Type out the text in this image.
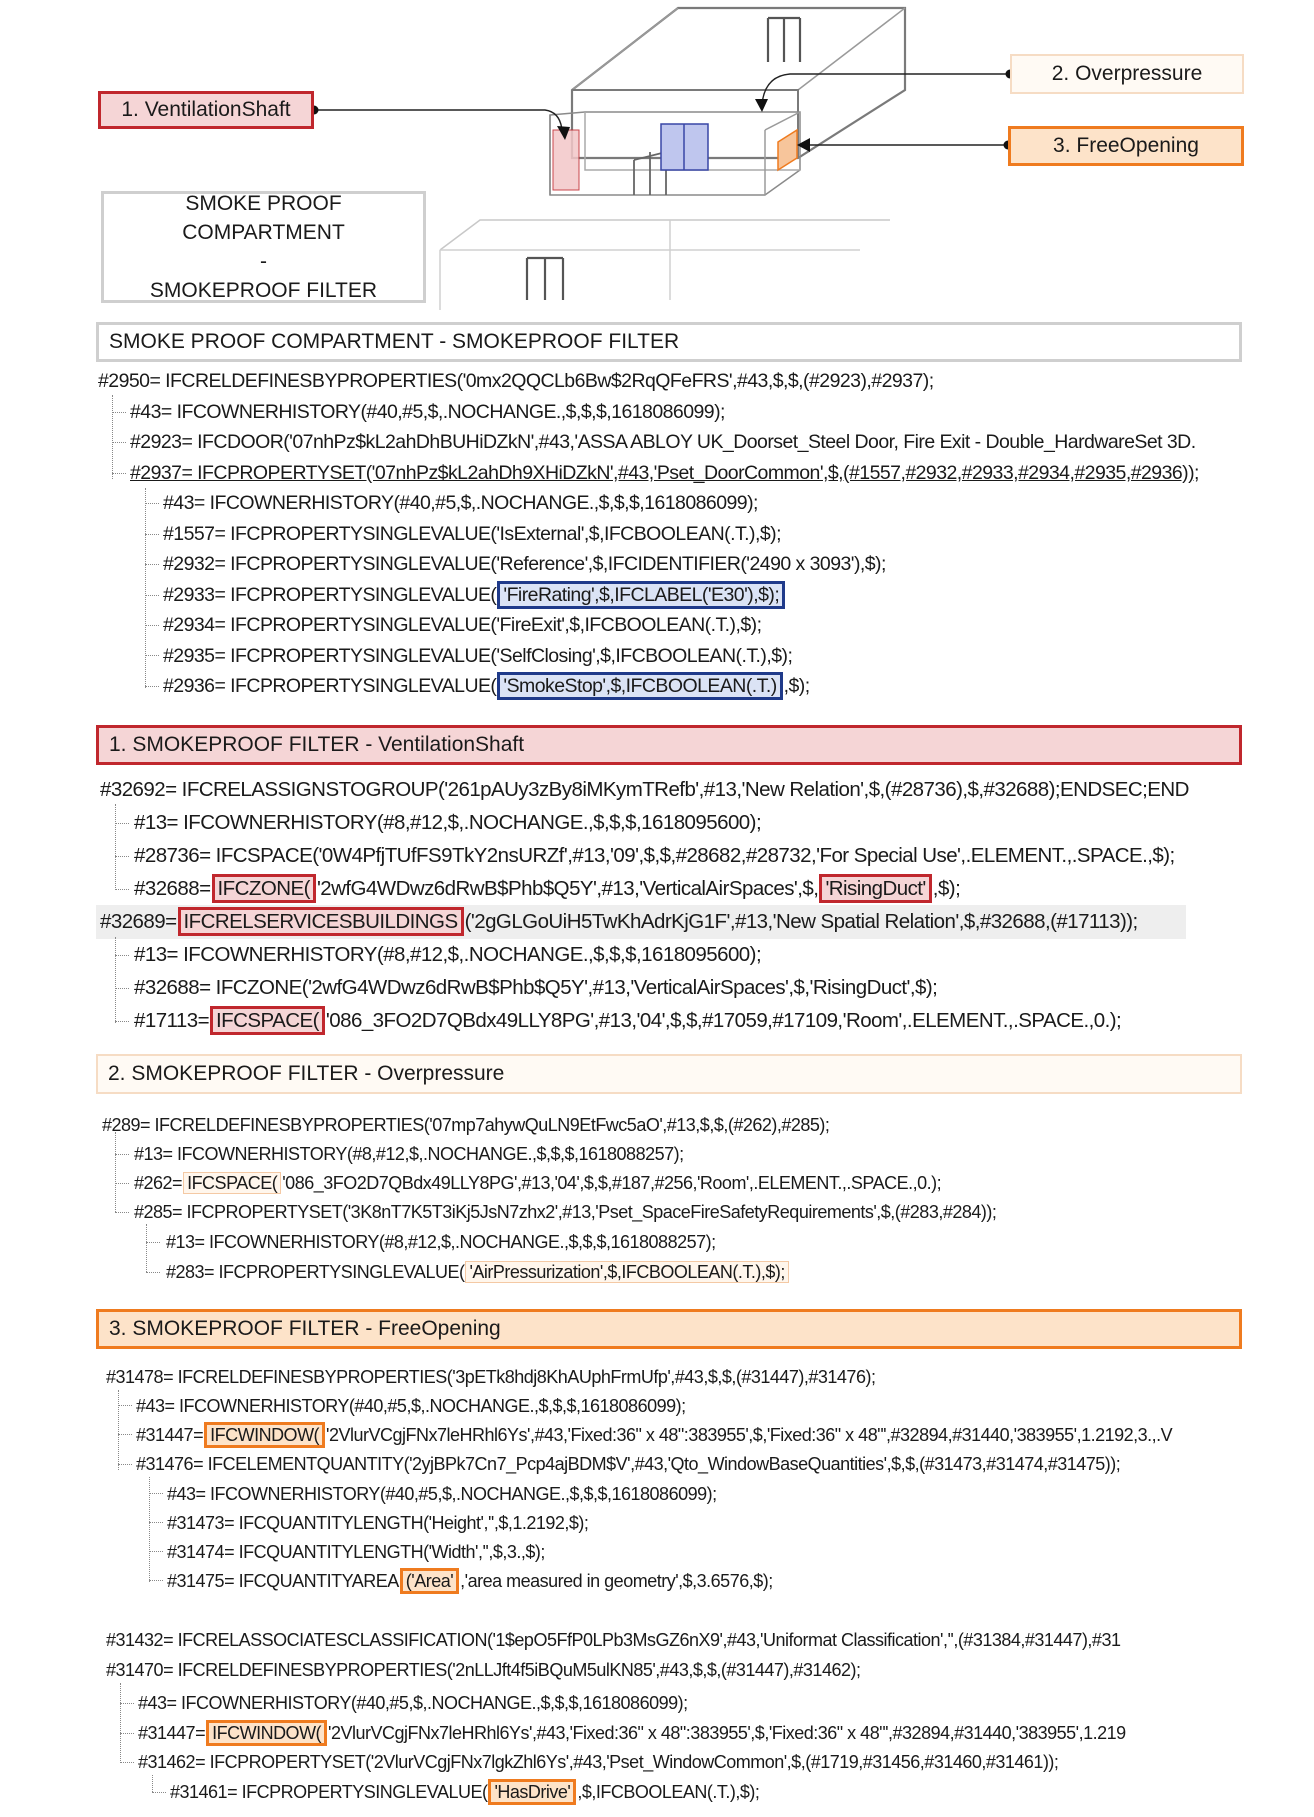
1. VentilationShaft
2. Overpressure
3. FreeOpening
SMOKE PROOF COMPARTMENT
-
SMOKEPROOF FILTER
SMOKE PROOF COMPARTMENT - SMOKEPROOF FILTER
#2950= IFCRELDEFINESBYPROPERTIES('0mx2QQCLb6Bw$2RqQFeFRS',#43,$,$,(#2923),#2937);
#43= IFCOWNERHISTORY(#40,#5,$,.NOCHANGE.,$,$,$,1618086099);
#2923= IFCDOOR('07nhPz$kL2ahDhBUHiDZkN',#43,'ASSA ABLOY UK_Doorset_Steel Door, Fire Exit - Double_HardwareSet 3D.
#2937= IFCPROPERTYSET('07nhPz$kL2ahDh9XHiDZkN',#43,'Pset_DoorCommon',$,(#1557,#2932,#2933,#2934,#2935,#2936));
#43= IFCOWNERHISTORY(#40,#5,$,.NOCHANGE.,$,$,$,1618086099);
#1557= IFCPROPERTYSINGLEVALUE('IsExternal',$,IFCBOOLEAN(.T.),$);
#2932= IFCPROPERTYSINGLEVALUE('Reference',$,IFCIDENTIFIER('2490 x 3093'),$);
#2933= IFCPROPERTYSINGLEVALUE( 'FireRating',$,IFCLABEL('E30'),$);
#2934= IFCPROPERTYSINGLEVALUE('FireExit',$,IFCBOOLEAN(.T.),$);
#2935= IFCPROPERTYSINGLEVALUE('SelfClosing',$,IFCBOOLEAN(.T.),$);
#2936= IFCPROPERTYSINGLEVALUE( 'SmokeStop',$,IFCBOOLEAN(.T.) ,$);
1. SMOKEPROOF FILTER - VentilationShaft
#32692= IFCRELASSIGNSTOGROUP('261pAUy3zBy8iMKymTRefb',#13,'New Relation',$,(#28736),$,#32688);ENDSEC;END
#13= IFCOWNERHISTORY(#8,#12,$,.NOCHANGE.,$,$,$,1618095600);
#28736= IFCSPACE('0W4PfjTUfFS9TkY2nsURZf',#13,'09',$,$,#28682,#28732,'For Special Use',.ELEMENT.,.SPACE.,$);
#32688= IFCZONE( '2wfG4WDwz6dRwB$Phb$Q5Y',#13,'VerticalAirSpaces',$, 'RisingDuct' ,$);
#32689= IFCRELSERVICESBUILDINGS ('2gGLGoUiH5TwKhAdrKjG1F',#13,'New Spatial Relation',$,#32688,(#17113));
#13= IFCOWNERHISTORY(#8,#12,$,.NOCHANGE.,$,$,$,1618095600);
#32688= IFCZONE('2wfG4WDwz6dRwB$Phb$Q5Y',#13,'VerticalAirSpaces',$,'RisingDuct',$);
#17113= IFCSPACE( '086_3FO2D7QBdx49LLY8PG',#13,'04',$,$,#17059,#17109,'Room',.ELEMENT.,.SPACE.,0.);
2. SMOKEPROOF FILTER - Overpressure
#289= IFCRELDEFINESBYPROPERTIES('07mp7ahywQuLN9EtFwc5aO',#13,$,$,(#262),#285);
#13= IFCOWNERHISTORY(#8,#12,$,.NOCHANGE.,$,$,$,1618088257);
#262= IFCSPACE( '086_3FO2D7QBdx49LLY8PG',#13,'04',$,$,#187,#256,'Room',.ELEMENT.,.SPACE.,0.);
#285= IFCPROPERTYSET('3K8nT7K5T3iKj5JsN7zhx2',#13,'Pset_SpaceFireSafetyRequirements',$,(#283,#284));
#13= IFCOWNERHISTORY(#8,#12,$,.NOCHANGE.,$,$,$,1618088257);
#283= IFCPROPERTYSINGLEVALUE( 'AirPressurization',$,IFCBOOLEAN(.T.),$);
3. SMOKEPROOF FILTER - FreeOpening
#31478= IFCRELDEFINESBYPROPERTIES('3pETk8hdj8KhAUphFrmUfp',#43,$,$,(#31447),#31476);
#43= IFCOWNERHISTORY(#40,#5,$,.NOCHANGE.,$,$,$,1618086099);
#31447= IFCWINDOW( '2VlurVCgjFNx7leHRhl6Ys',#43,'Fixed:36" x 48":383955',$,'Fixed:36" x 48"',#32894,#31440,'383955',1.2192,3.,.V
#31476= IFCELEMENTQUANTITY('2yjBPk7Cn7_Pcp4ajBDM$V',#43,'Qto_WindowBaseQuantities',$,$,(#31473,#31474,#31475));
#43= IFCOWNERHISTORY(#40,#5,$,.NOCHANGE.,$,$,$,1618086099);
#31473= IFCQUANTITYLENGTH('Height','',$,1.2192,$);
#31474= IFCQUANTITYLENGTH('Width','',$,3.,$);
#31475= IFCQUANTITYAREA ('Area' ,'area measured in geometry',$,3.6576,$);
#31432= IFCRELASSOCIATESCLASSIFICATION('1$epO5FfP0LPb3MsGZ6nX9',#43,'Uniformat Classification','',(#31384,#31447),#31
#31470= IFCRELDEFINESBYPROPERTIES('2nLLJft4f5iBQuM5ulKN85',#43,$,$,(#31447),#31462);
#43= IFCOWNERHISTORY(#40,#5,$,.NOCHANGE.,$,$,$,1618086099);
#31447= IFCWINDOW( '2VlurVCgjFNx7leHRhl6Ys',#43,'Fixed:36" x 48":383955',$,'Fixed:36" x 48"',#32894,#31440,'383955',1.219
#31462= IFCPROPERTYSET('2VlurVCgjFNx7lgkZhl6Ys',#43,'Pset_WindowCommon',$,(#1719,#31456,#31460,#31461));
#31461= IFCPROPERTYSINGLEVALUE( 'HasDrive' ,$,IFCBOOLEAN(.T.),$);
